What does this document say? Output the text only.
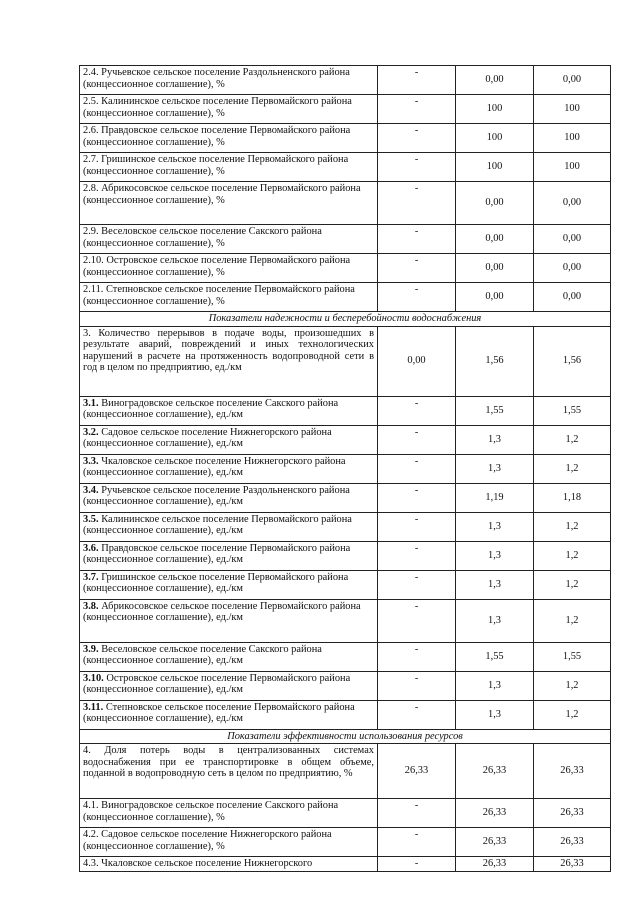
2.4. Ручьевское сельское поселение Раздольненского района (концессионное соглашение), %	-	0,00	0,00
2.5. Калининское сельское поселение Первомайского района (концессионное соглашение), %	-	100	100
2.6. Правдовское сельское поселение Первомайского района (концессионное соглашение), %	-	100	100
2.7. Гришинское сельское поселение Первомайского района (концессионное соглашение), %	-	100	100
2.8. Абрикосовское сельское поселение Первомайского района (концессионное соглашение), %	-	0,00	0,00
2.9. Веселовское сельское поселение Сакского района (концессионное соглашение), %	-	0,00	0,00
2.10. Островское сельское поселение Первомайского района (концессионное соглашение), %	-	0,00	0,00
2.11. Степновское сельское поселение Первомайского района (концессионное соглашение), %	-	0,00	0,00
Показатели надежности и бесперебойности водоснабжения			
3. Количество перерывов в подаче воды, произошедших в результате аварий, повреждений и иных технологических нарушений в расчете на протяженность водопроводной сети в год в целом по предприятию, ед./км	0,00	1,56	1,56
3.1. Виноградовское сельское поселение Сакского района (концессионное соглашение), ед./км	-	1,55	1,55
3.2. Садовое сельское поселение Нижнегорского района (концессионное соглашение), ед./км	-	1,3	1,2
3.3. Чкаловское сельское поселение Нижнегорского района (концессионное соглашение), ед./км	-	1,3	1,2
3.4. Ручьевское сельское поселение Раздольненского района (концессионное соглашение), ед./км	-	1,19	1,18
3.5. Калининское сельское поселение Первомайского района (концессионное соглашение), ед./км	-	1,3	1,2
3.6. Правдовское сельское поселение Первомайского района (концессионное соглашение), ед./км	-	1,3	1,2
3.7. Гришинское сельское поселение Первомайского района (концессионное соглашение), ед./км	-	1,3	1,2
3.8. Абрикосовское сельское поселение Первомайского района (концессионное соглашение), ед./км	-	1,3	1,2
3.9. Веселовское сельское поселение Сакского района (концессионное соглашение), ед./км	-	1,55	1,55
3.10. Островское сельское поселение Первомайского района (концессионное соглашение), ед./км	-	1,3	1,2
3.11. Степновское сельское поселение Первомайского района (концессионное соглашение), ед./км	-	1,3	1,2
Показатели эффективности использования ресурсов			
4. Доля потерь воды в централизованных системах водоснабжения при ее транспортировке в общем объеме, поданной в водопроводную сеть в целом по предприятию, %	26,33	26,33	26,33
4.1. Виноградовское сельское поселение Сакского района (концессионное соглашение), %	-	26,33	26,33
4.2. Садовое сельское поселение Нижнегорского района (концессионное соглашение), %	-	26,33	26,33
4.3. Чкаловское сельское поселение Нижнегорского	-	26,33	26,33
